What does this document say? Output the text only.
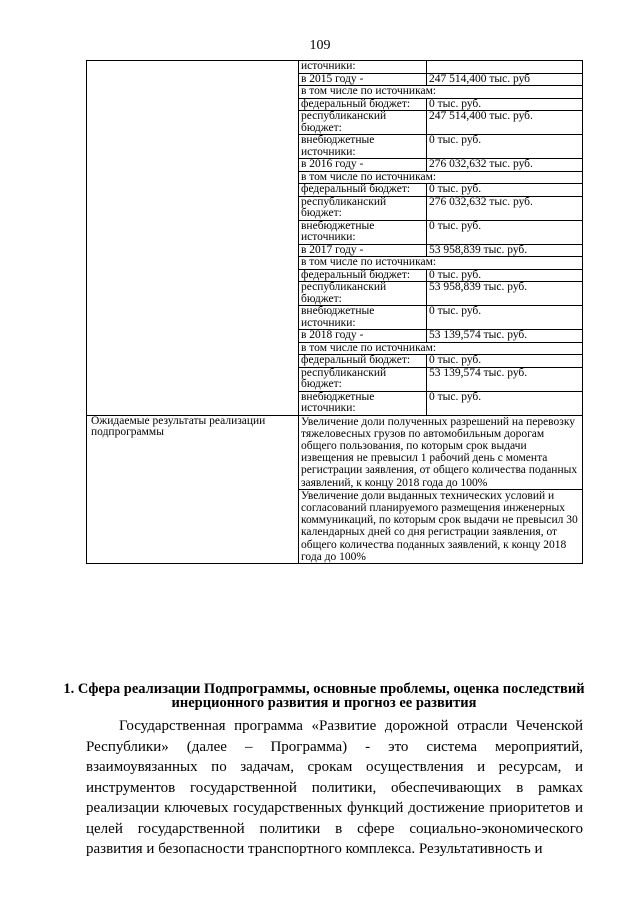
109
	источники:	
	в 2015 году -	247 514,400 тыс. руб
	в том числе по источникам:	
	федеральный бюджет:	0 тыс. руб.
	республиканский бюджет:	247 514,400 тыс. руб.
	внебюджетные источники:	0 тыс. руб.
	в 2016 году -	276 032,632 тыс. руб.
	в том числе по источникам:	
	федеральный бюджет:	0 тыс. руб.
	республиканский бюджет:	276 032,632 тыс. руб.
	внебюджетные источники:	0 тыс. руб.
	в 2017 году -	53 958,839 тыс. руб.
	в том числе по источникам:	
	федеральный бюджет:	0 тыс. руб.
	республиканский бюджет:	53 958,839 тыс. руб.
	внебюджетные источники:	0 тыс. руб.
	в 2018 году -	53 139,574 тыс. руб.
	в том числе по источникам:	
	федеральный бюджет:	0 тыс. руб.
	республиканский бюджет:	53 139,574 тыс. руб.
	внебюджетные источники:	0 тыс. руб.
Ожидаемые результаты реализации подпрограммы	Увеличение доли полученных разрешений на перевозку тяжеловесных грузов по автомобильным дорогам общего пользования, по которым срок выдачи извещения не превысил 1 рабочий день с момента регистрации заявления, от общего количества поданных заявлений, к концу 2018 года до 100%	
	Увеличение доли выданных технических условий и согласований планируемого размещения инженерных коммуникаций, по которым срок выдачи не превысил 30 календарных дней со дня регистрации заявления, от общего количества поданных заявлений, к концу 2018 года до 100%	
1. Сфера реализации Подпрограммы, основные проблемы, оценка последствий инерционного развития и прогноз ее развития
Государственная программа «Развитие дорожной отрасли Чеченской Республики» (далее – Программа) - это система мероприятий, взаимоувязанных по задачам, срокам осуществления и ресурсам, и инструментов государственной политики, обеспечивающих в рамках реализации ключевых государственных функций достижение приоритетов и целей государственной политики в сфере социально-экономического развития и безопасности транспортного комплекса. Результативность и
